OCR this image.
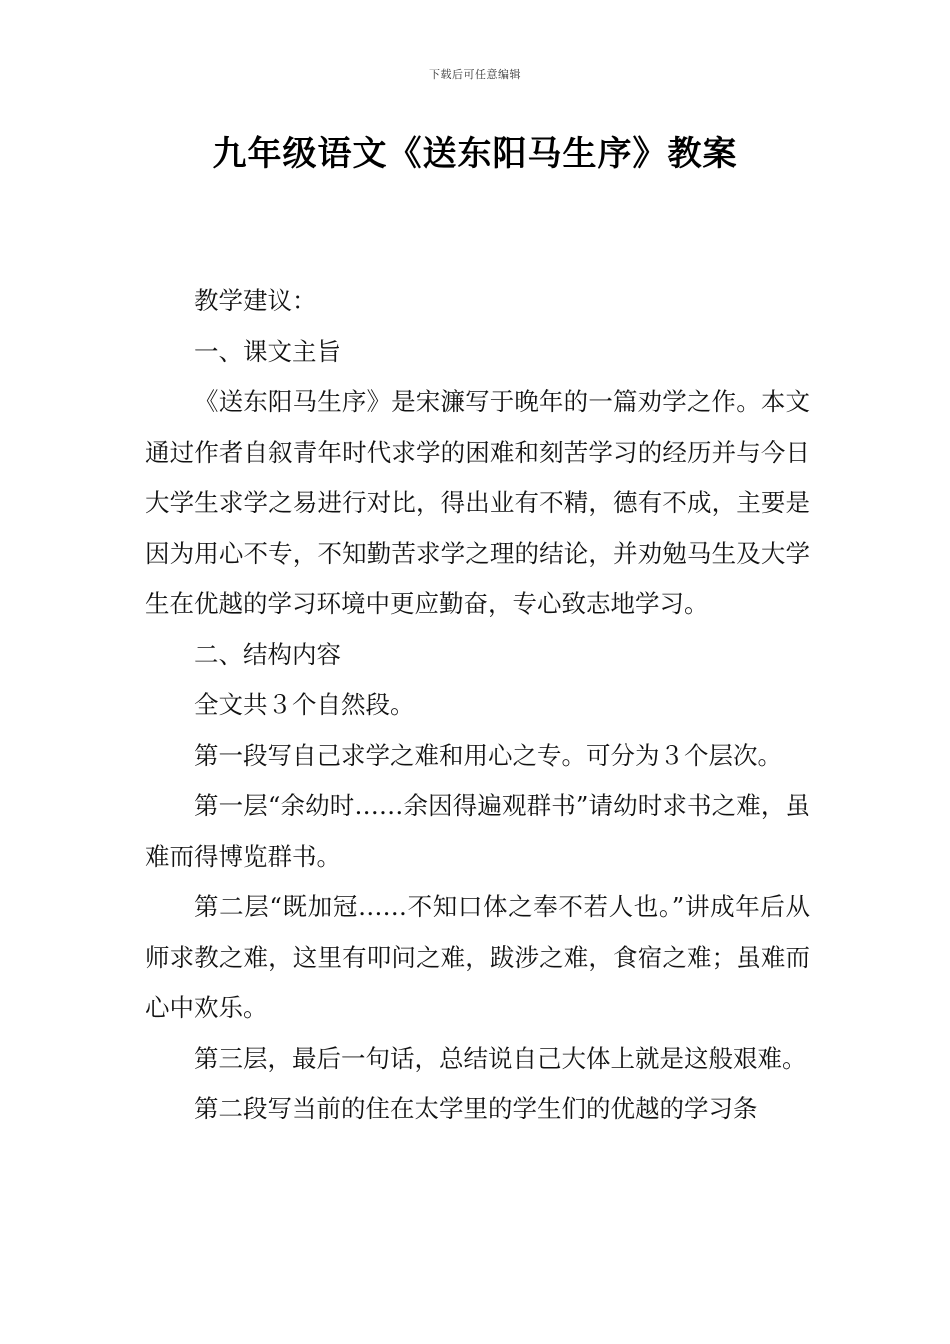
下载后可任意编辑
九年级语文《送东阳马生序》教案

教学建议：

一、课文主旨

《送东阳马生序》是宋濂写于晚年的一篇劝学之作。本文通过作者自叙青年时代求学的困难和刻苦学习的经历并与今日大学生求学之易进行对比，得出业有不精，德有不成，主要是因为用心不专，不知勤苦求学之理的结论，并劝勉马生及大学生在优越的学习环境中更应勤奋，专心致志地学习。

二、结构内容

全文共３个自然段。

第一段写自己求学之难和用心之专。可分为３个层次。

第一层“余幼时……余因得遍观群书”请幼时求书之难，虽难而得博览群书。

第二层“既加冠……不知口体之奉不若人也。”讲成年后从师求教之难，这里有叩问之难，跋涉之难，食宿之难；虽难而心中欢乐。

第三层，最后一句话，总结说自己大体上就是这般艰难。

第二段写当前的住在太学里的学生们的优越的学习条
